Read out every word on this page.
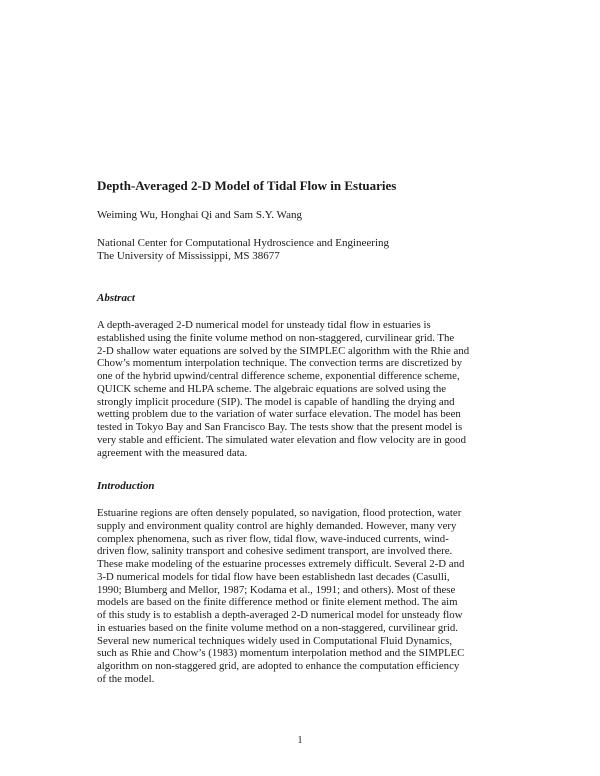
Depth-Averaged 2-D Model of Tidal Flow in Estuaries

Weiming Wu, Honghai Qi and Sam S.Y. Wang

National Center for Computational Hydroscience and Engineering
The University of Mississippi, MS 38677
Abstract
A depth-averaged 2-D numerical model for unsteady tidal flow in estuaries is
established using the finite volume method on non-staggered, curvilinear grid. The
2-D shallow water equations are solved by the SIMPLEC algorithm with the Rhie and
Chow’s momentum interpolation technique. The convection terms are discretized by
one of the hybrid upwind/central difference scheme, exponential difference scheme,
QUICK scheme and HLPA scheme. The algebraic equations are solved using the
strongly implicit procedure (SIP). The model is capable of handling the drying and
wetting problem due to the variation of water surface elevation. The model has been
tested in Tokyo Bay and San Francisco Bay. The tests show that the present model is
very stable and efficient. The simulated water elevation and flow velocity are in good
agreement with the measured data.
Introduction
Estuarine regions are often densely populated, so navigation, flood protection, water
supply and environment quality control are highly demanded. However, many very
complex phenomena, such as river flow, tidal flow, wave-induced currents, wind-
driven flow, salinity transport and cohesive sediment transport, are involved there.
These make modeling of the estuarine processes extremely difficult. Several 2-D and
3-D numerical models for tidal flow have been establishedn last decades (Casulli,
1990; Blumberg and Mellor, 1987; Kodama et al., 1991; and others). Most of these
models are based on the finite difference method or finite element method. The aim
of this study is to establish a depth-averaged 2-D numerical model for unsteady flow
in estuaries based on the finite volume method on a non-staggered, curvilinear grid.
Several new numerical techniques widely used in Computational Fluid Dynamics,
such as Rhie and Chow’s (1983) momentum interpolation method and the SIMPLEC
algorithm on non-staggered grid, are adopted to enhance the computation efficiency
of the model.

1
